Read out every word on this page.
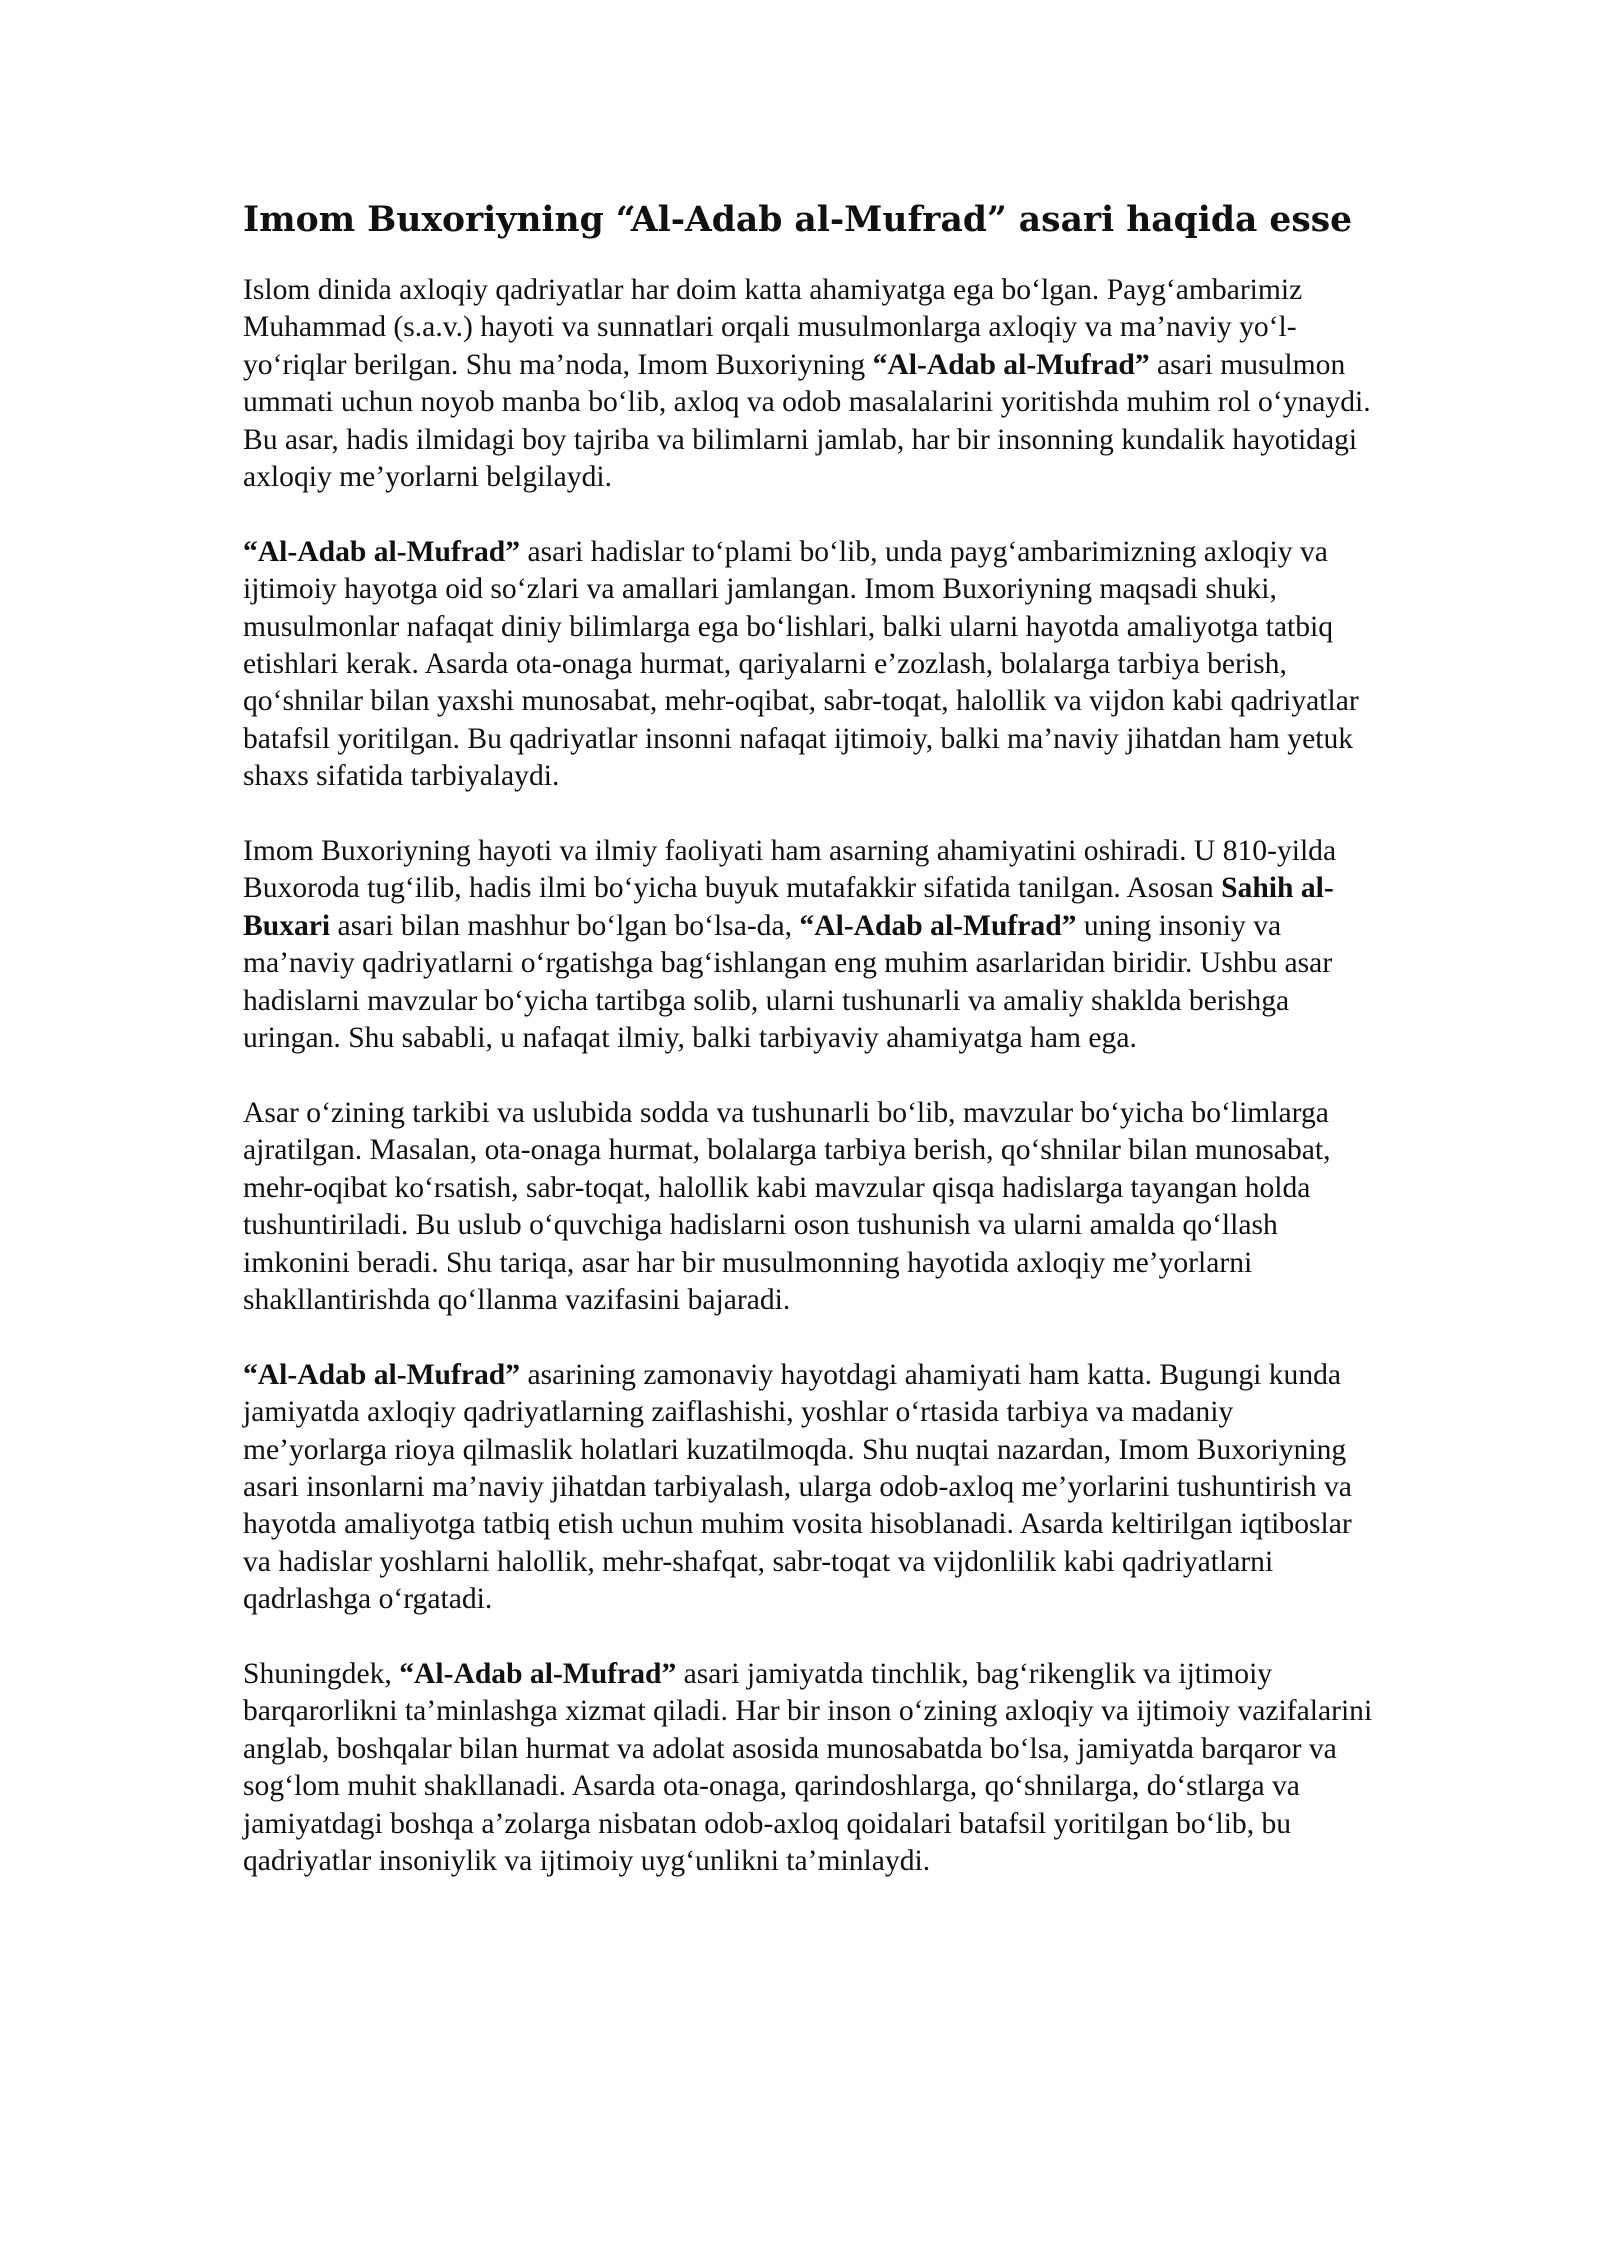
Imom Buxoriyning “Al-Adab al-Mufrad” asari haqida esse

Islom dinida axloqiy qadriyatlar har doim katta ahamiyatga ega bo‘lgan. Payg‘ambarimiz Muhammad (s.a.v.) hayoti va sunnatlari orqali musulmonlarga axloqiy va ma’naviy yo‘l-yo‘riqlar berilgan. Shu ma’noda, Imom Buxoriyning “Al-Adab al-Mufrad” asari musulmon ummati uchun noyob manba bo‘lib, axloq va odob masalalarini yoritishda muhim rol o‘ynaydi. Bu asar, hadis ilmidagi boy tajriba va bilimlarni jamlab, har bir insonning kundalik hayotidagi axloqiy me’yorlarni belgilaydi.

“Al-Adab al-Mufrad” asari hadislar to‘plami bo‘lib, unda payg‘ambarimizning axloqiy va ijtimoiy hayotga oid so‘zlari va amallari jamlangan. Imom Buxoriyning maqsadi shuki, musulmonlar nafaqat diniy bilimlarga ega bo‘lishlari, balki ularni hayotda amaliyotga tatbiq etishlari kerak. Asarda ota-onaga hurmat, qariyalarni e’zozlash, bolalarga tarbiya berish, qo‘shnilar bilan yaxshi munosabat, mehr-oqibat, sabr-toqat, halollik va vijdon kabi qadriyatlar batafsil yoritilgan. Bu qadriyatlar insonni nafaqat ijtimoiy, balki ma’naviy jihatdan ham yetuk shaxs sifatida tarbiyalaydi.

Imom Buxoriyning hayoti va ilmiy faoliyati ham asarning ahamiyatini oshiradi. U 810-yilda Buxoroda tug‘ilib, hadis ilmi bo‘yicha buyuk mutafakkir sifatida tanilgan. Asosan Sahih al-Buxari asari bilan mashhur bo‘lgan bo‘lsa-da, “Al-Adab al-Mufrad” uning insoniy va ma’naviy qadriyatlarni o‘rgatishga bag‘ishlangan eng muhim asarlaridan biridir. Ushbu asar hadislarni mavzular bo‘yicha tartibga solib, ularni tushunarli va amaliy shaklda berishga uringan. Shu sababli, u nafaqat ilmiy, balki tarbiyaviy ahamiyatga ham ega.

Asar o‘zining tarkibi va uslubida sodda va tushunarli bo‘lib, mavzular bo‘yicha bo‘limlarga ajratilgan. Masalan, ota-onaga hurmat, bolalarga tarbiya berish, qo‘shnilar bilan munosabat, mehr-oqibat ko‘rsatish, sabr-toqat, halollik kabi mavzular qisqa hadislarga tayangan holda tushuntiriladi. Bu uslub o‘quvchiga hadislarni oson tushunish va ularni amalda qo‘llash imkonini beradi. Shu tariqa, asar har bir musulmonning hayotida axloqiy me’yorlarni shakllantirishda qo‘llanma vazifasini bajaradi.

“Al-Adab al-Mufrad” asarining zamonaviy hayotdagi ahamiyati ham katta. Bugungi kunda jamiyatda axloqiy qadriyatlarning zaiflashishi, yoshlar o‘rtasida tarbiya va madaniy me’yorlarga rioya qilmaslik holatlari kuzatilmoqda. Shu nuqtai nazardan, Imom Buxoriyning asari insonlarni ma’naviy jihatdan tarbiyalash, ularga odob-axloq me’yorlarini tushuntirish va hayotda amaliyotga tatbiq etish uchun muhim vosita hisoblanadi. Asarda keltirilgan iqtiboslar va hadislar yoshlarni halollik, mehr-shafqat, sabr-toqat va vijdonlilik kabi qadriyatlarni qadrlashga o‘rgatadi.

Shuningdek, “Al-Adab al-Mufrad” asari jamiyatda tinchlik, bag‘rikenglik va ijtimoiy barqarorlikni ta’minlashga xizmat qiladi. Har bir inson o‘zining axloqiy va ijtimoiy vazifalarini anglab, boshqalar bilan hurmat va adolat asosida munosabatda bo‘lsa, jamiyatda barqaror va sog‘lom muhit shakllanadi. Asarda ota-onaga, qarindoshlarga, qo‘shnilarga, do‘stlarga va jamiyatdagi boshqa a’zolarga nisbatan odob-axloq qoidalari batafsil yoritilgan bo‘lib, bu qadriyatlar insoniylik va ijtimoiy uyg‘unlikni ta’minlaydi.
